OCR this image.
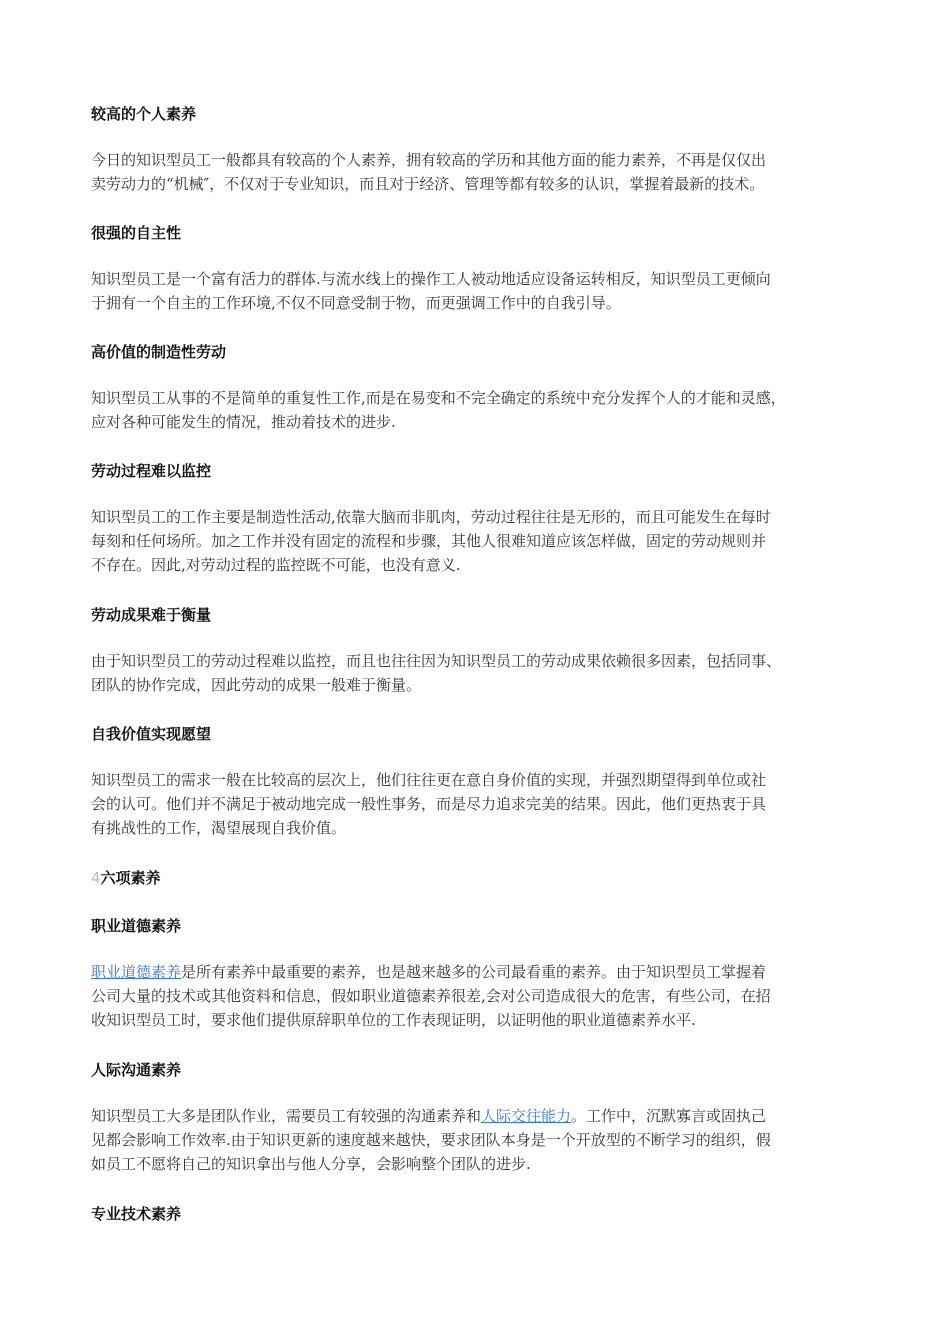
较高的个人素养
今日的知识型员工一般都具有较高的个人素养，拥有较高的学历和其他方面的能力素养，不再是仅仅出
卖劳动力的“机械″，不仅对于专业知识，而且对于经济、管理等都有较多的认识，掌握着最新的技术。
很强的自主性
知识型员工是一个富有活力的群体.与流水线上的操作工人被动地适应设备运转相反，知识型员工更倾向
于拥有一个自主的工作环境,不仅不同意受制于物，而更强调工作中的自我引导。
高价值的制造性劳动
知识型员工从事的不是简单的重复性工作,而是在易变和不完全确定的系统中充分发挥个人的才能和灵感，
应对各种可能发生的情况，推动着技术的进步.
劳动过程难以监控
知识型员工的工作主要是制造性活动,依靠大脑而非肌肉，劳动过程往往是无形的，而且可能发生在每时
每刻和任何场所。加之工作并没有固定的流程和步骤，其他人很难知道应该怎样做，固定的劳动规则并
不存在。因此,对劳动过程的监控既不可能，也没有意义.
劳动成果难于衡量
由于知识型员工的劳动过程难以监控，而且也往往因为知识型员工的劳动成果依赖很多因素，包括同事、
团队的协作完成，因此劳动的成果一般难于衡量。
自我价值实现愿望
知识型员工的需求一般在比较高的层次上，他们往往更在意自身价值的实现，并强烈期望得到单位或社
会的认可。他们并不满足于被动地完成一般性事务，而是尽力追求完美的结果。因此，他们更热衷于具
有挑战性的工作，渴望展现自我价值。
4六项素养
职业道德素养
职业道德素养是所有素养中最重要的素养，也是越来越多的公司最看重的素养。由于知识型员工掌握着
公司大量的技术或其他资料和信息，假如职业道德素养很差,会对公司造成很大的危害，有些公司，在招
收知识型员工时，要求他们提供原辞职单位的工作表现证明，以证明他的职业道德素养水平.
人际沟通素养
知识型员工大多是团队作业，需要员工有较强的沟通素养和人际交往能力。工作中，沉默寡言或固执己
见都会影响工作效率.由于知识更新的速度越来越快，要求团队本身是一个开放型的不断学习的组织，假
如员工不愿将自己的知识拿出与他人分享，会影响整个团队的进步.
专业技术素养
